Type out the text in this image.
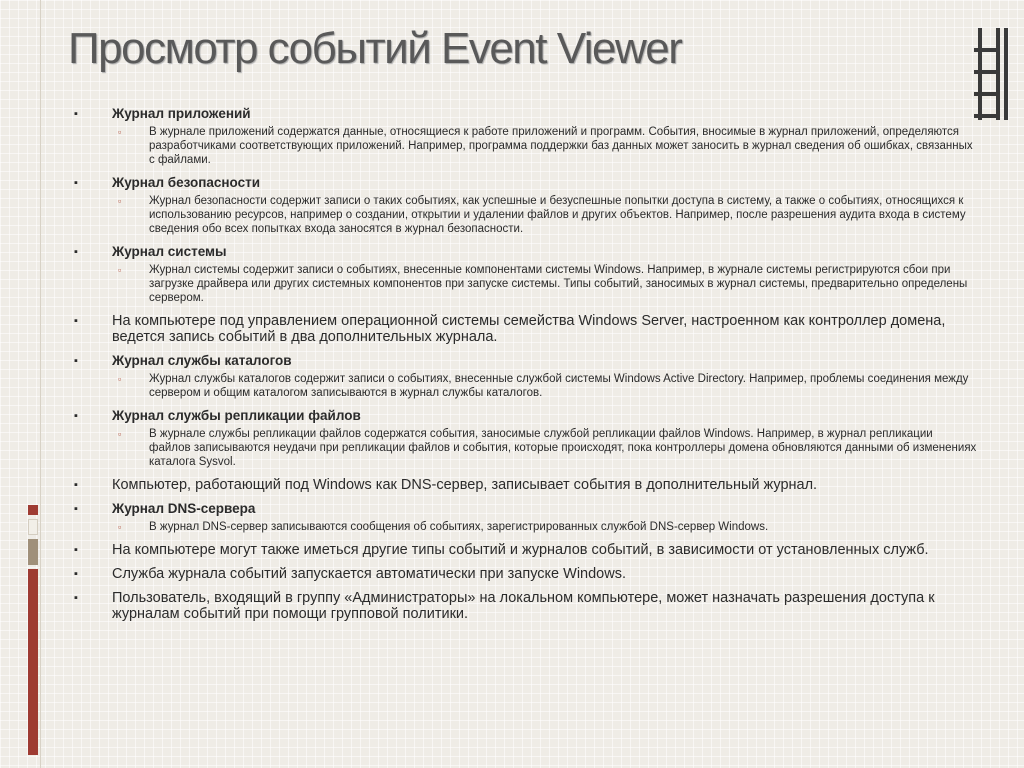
Просмотр событий Event Viewer
▪	Журнал приложений
▫ В журнале приложений содержатся данные, относящиеся к работе приложений и программ. События, вносимые в журнал приложений, определяются разработчиками соответствующих приложений. Например, программа поддержки баз данных может заносить в журнал сведения об ошибках, связанных с файлами.
▪	Журнал безопасности
▫ Журнал безопасности содержит записи о таких событиях, как успешные и безуспешные попытки доступа в систему, а также о событиях, относящихся к использованию ресурсов, например о создании, открытии и удалении файлов и других объектов. Например, после разрешения аудита входа в систему сведения обо всех попытках входа заносятся в журнал безопасности.
▪	Журнал системы
▫ Журнал системы содержит записи о событиях, внесенные компонентами системы Windows. Например, в журнале системы регистрируются сбои при загрузке драйвера или других системных компонентов при запуске системы. Типы событий, заносимых в журнал системы, предварительно определены сервером.
▪ На компьютере под управлением операционной системы семейства Windows Server, настроенном как контроллер домена, ведется запись событий в два дополнительных журнала.
▪	Журнал службы каталогов
▫ Журнал службы каталогов содержит записи о событиях, внесенные службой системы Windows Active Directory. Например, проблемы соединения между сервером и общим каталогом записываются в журнал службы каталогов.
▪	Журнал службы репликации файлов
▫ В журнале службы репликации файлов содержатся события, заносимые службой репликации файлов Windows. Например, в журнал репликации файлов записываются неудачи при репликации файлов и события, которые происходят, пока контроллеры домена обновляются данными об изменениях каталога Sysvol.
▪ Компьютер, работающий под Windows как DNS-сервер, записывает события в дополнительный журнал.
▪	Журнал DNS-сервера
▫ В журнал DNS-сервер записываются сообщения об событиях, зарегистрированных службой DNS-сервер Windows.
▪ На компьютере могут также иметься другие типы событий и журналов событий, в зависимости от установленных служб.
▪ Служба журнала событий запускается автоматически при запуске Windows.
▪ Пользователь, входящий в группу «Администраторы» на локальном компьютере, может назначать разрешения доступа к журналам событий при помощи групповой политики.
